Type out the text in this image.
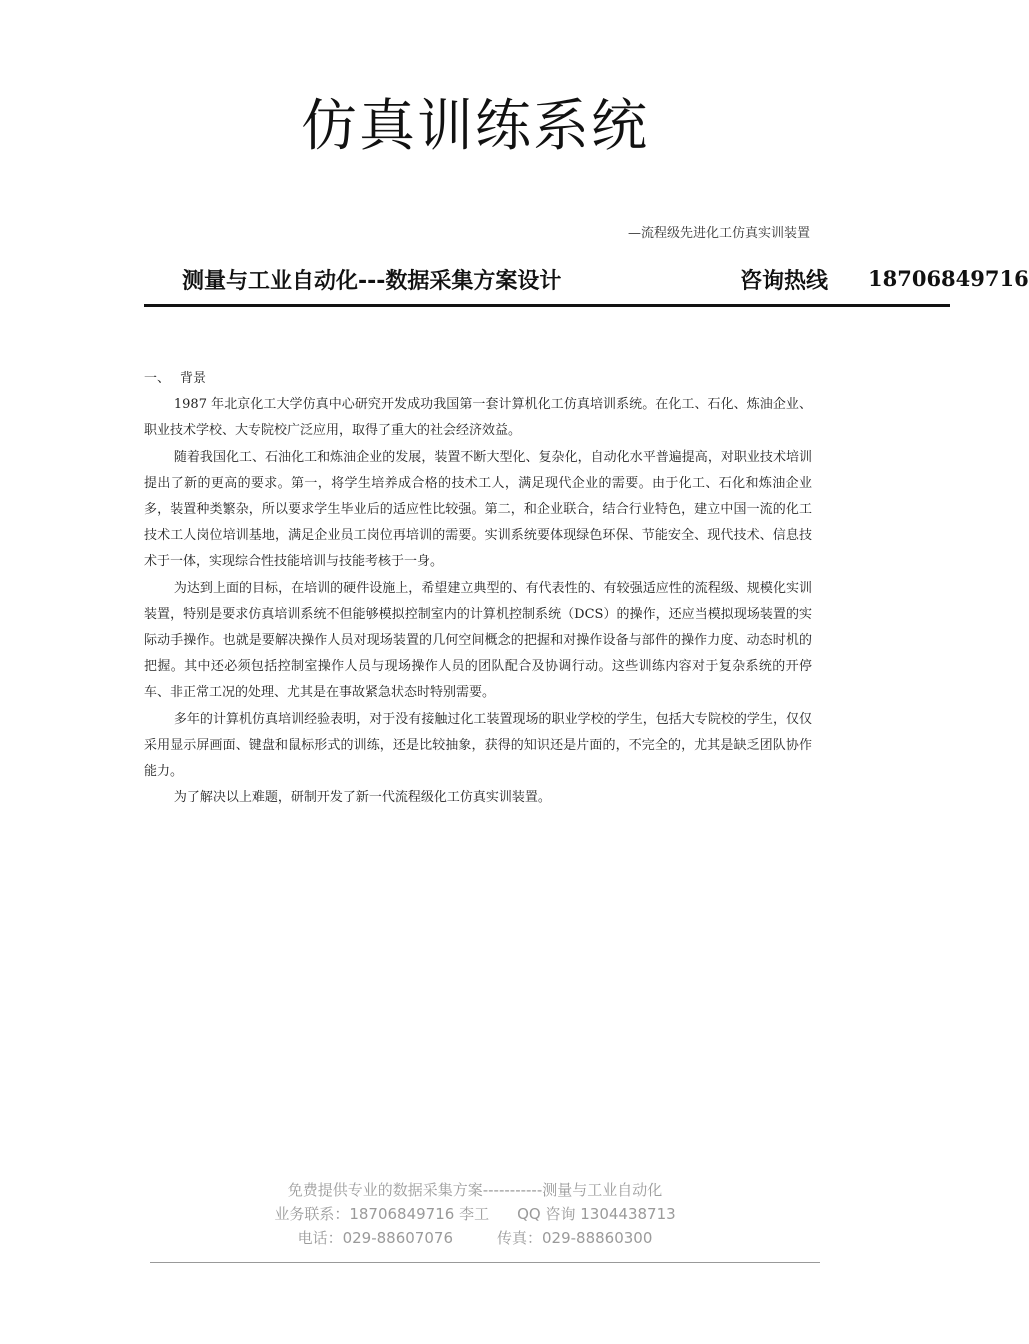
仿真训练系统

—流程级先进化工仿真实训装置

测量与工业自动化---数据采集方案设计	咨询热线 18706849716

一、 背景

1987 年北京化工大学仿真中心研究开发成功我国第一套计算机化工仿真培训系统。在化工、石化、炼油企业、职业技术学校、大专院校广泛应用，取得了重大的社会经济效益。

随着我国化工、石油化工和炼油企业的发展，装置不断大型化、复杂化，自动化水平普遍提高，对职业技术培训提出了新的更高的要求。第一，将学生培养成合格的技术工人，满足现代企业的需要。由于化工、石化和炼油企业多，装置种类繁杂，所以要求学生毕业后的适应性比较强。第二，和企业联合，结合行业特色，建立中国一流的化工技术工人岗位培训基地，满足企业员工岗位再培训的需要。实训系统要体现绿色环保、节能安全、现代技术、信息技术于一体，实现综合性技能培训与技能考核于一身。

为达到上面的目标，在培训的硬件设施上，希望建立典型的、有代表性的、有较强适应性的流程级、规模化实训装置，特别是要求仿真培训系统不但能够模拟控制室内的计算机控制系统（DCS）的操作，还应当模拟现场装置的实际动手操作。也就是要解决操作人员对现场装置的几何空间概念的把握和对操作设备与部件的操作力度、动态时机的把握。其中还必须包括控制室操作人员与现场操作人员的团队配合及协调行动。这些训练内容对于复杂系统的开停车、非正常工况的处理、尤其是在事故紧急状态时特别需要。

多年的计算机仿真培训经验表明，对于没有接触过化工装置现场的职业学校的学生，包括大专院校的学生，仅仅采用显示屏画面、键盘和鼠标形式的训练，还是比较抽象，获得的知识还是片面的，不完全的，尤其是缺乏团队协作能力。

为了解决以上难题，研制开发了新一代流程级化工仿真实训装置。

免费提供专业的数据采集方案-----------测量与工业自动化
业务联系：18706849716 李工 QQ 咨询 1304438713
电话：029-88607076	传真：029-88860300
